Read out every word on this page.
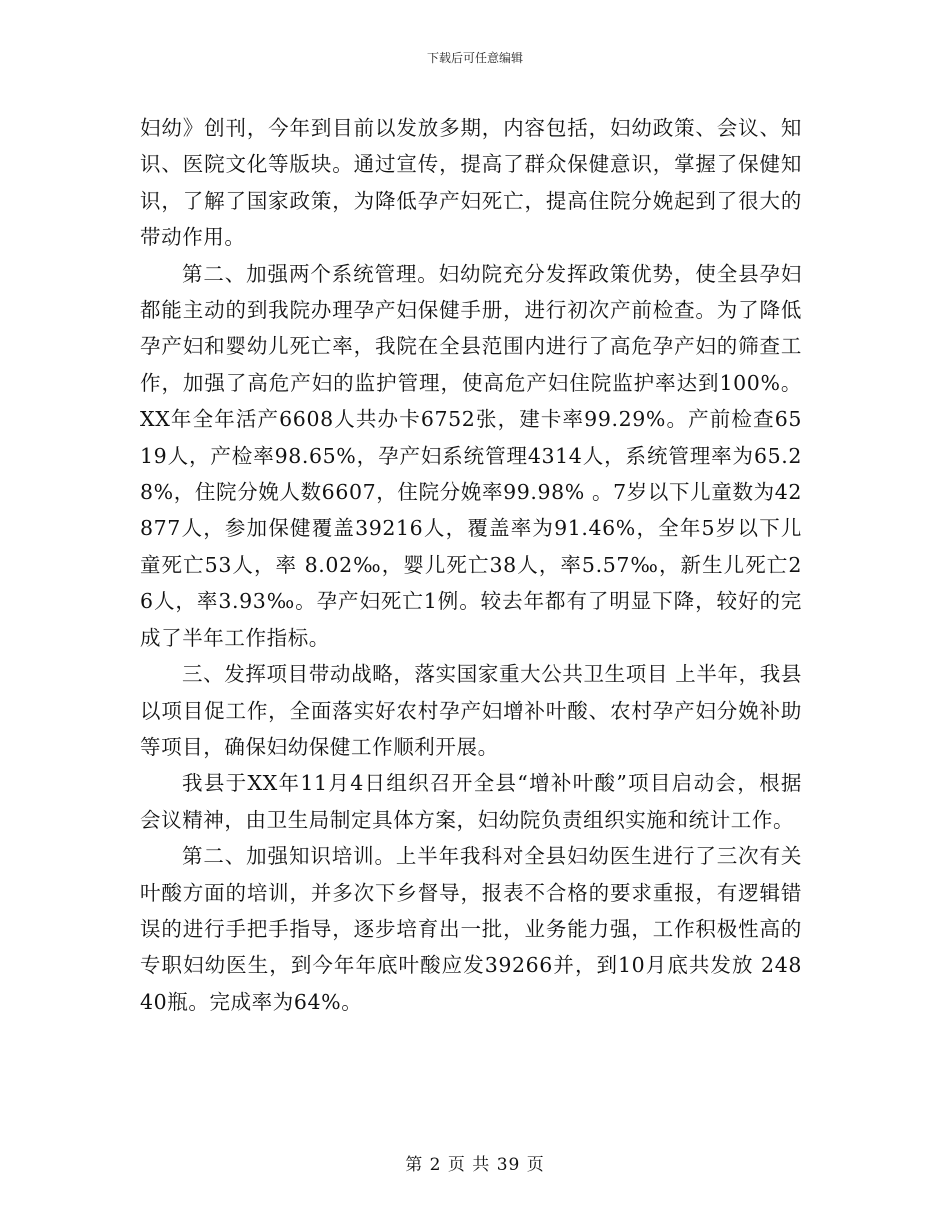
下载后可任意编辑

妇幼》创刊，今年到目前以发放多期，内容包括，妇幼政策、会议、知识、医院文化等版块。通过宣传，提高了群众保健意识，掌握了保健知识，了解了国家政策，为降低孕产妇死亡，提高住院分娩起到了很大的带动作用。

第二、加强两个系统管理。妇幼院充分发挥政策优势，使全县孕妇都能主动的到我院办理孕产妇保健手册，进行初次产前检查。为了降低孕产妇和婴幼儿死亡率，我院在全县范围内进行了高危孕产妇的筛查工作，加强了高危产妇的监护管理，使高危产妇住院监护率达到100%。XX年全年活产6608人共办卡6752张，建卡率99.29%。产前检查6519人，产检率98.65%，孕产妇系统管理4314人，系统管理率为65.28%，住院分娩人数6607，住院分娩率99.98% 。7岁以下儿童数为42877人，参加保健覆盖39216人，覆盖率为91.46%，全年5岁以下儿童死亡53人，率 8.02‰，婴儿死亡38人，率5.57‰，新生儿死亡26人，率3.93‰。孕产妇死亡1例。较去年都有了明显下降，较好的完成了半年工作指标。

三、发挥项目带动战略，落实国家重大公共卫生项目 上半年，我县以项目促工作，全面落实好农村孕产妇增补叶酸、农村孕产妇分娩补助等项目，确保妇幼保健工作顺利开展。

我县于XX年11月4日组织召开全县“增补叶酸”项目启动会，根据会议精神，由卫生局制定具体方案，妇幼院负责组织实施和统计工作。

第二、加强知识培训。上半年我科对全县妇幼医生进行了三次有关叶酸方面的培训，并多次下乡督导，报表不合格的要求重报，有逻辑错误的进行手把手指导，逐步培育出一批，业务能力强，工作积极性高的专职妇幼医生，到今年年底叶酸应发39266并，到10月底共发放 24840瓶。完成率为64%。

第 2 页 共 39 页
